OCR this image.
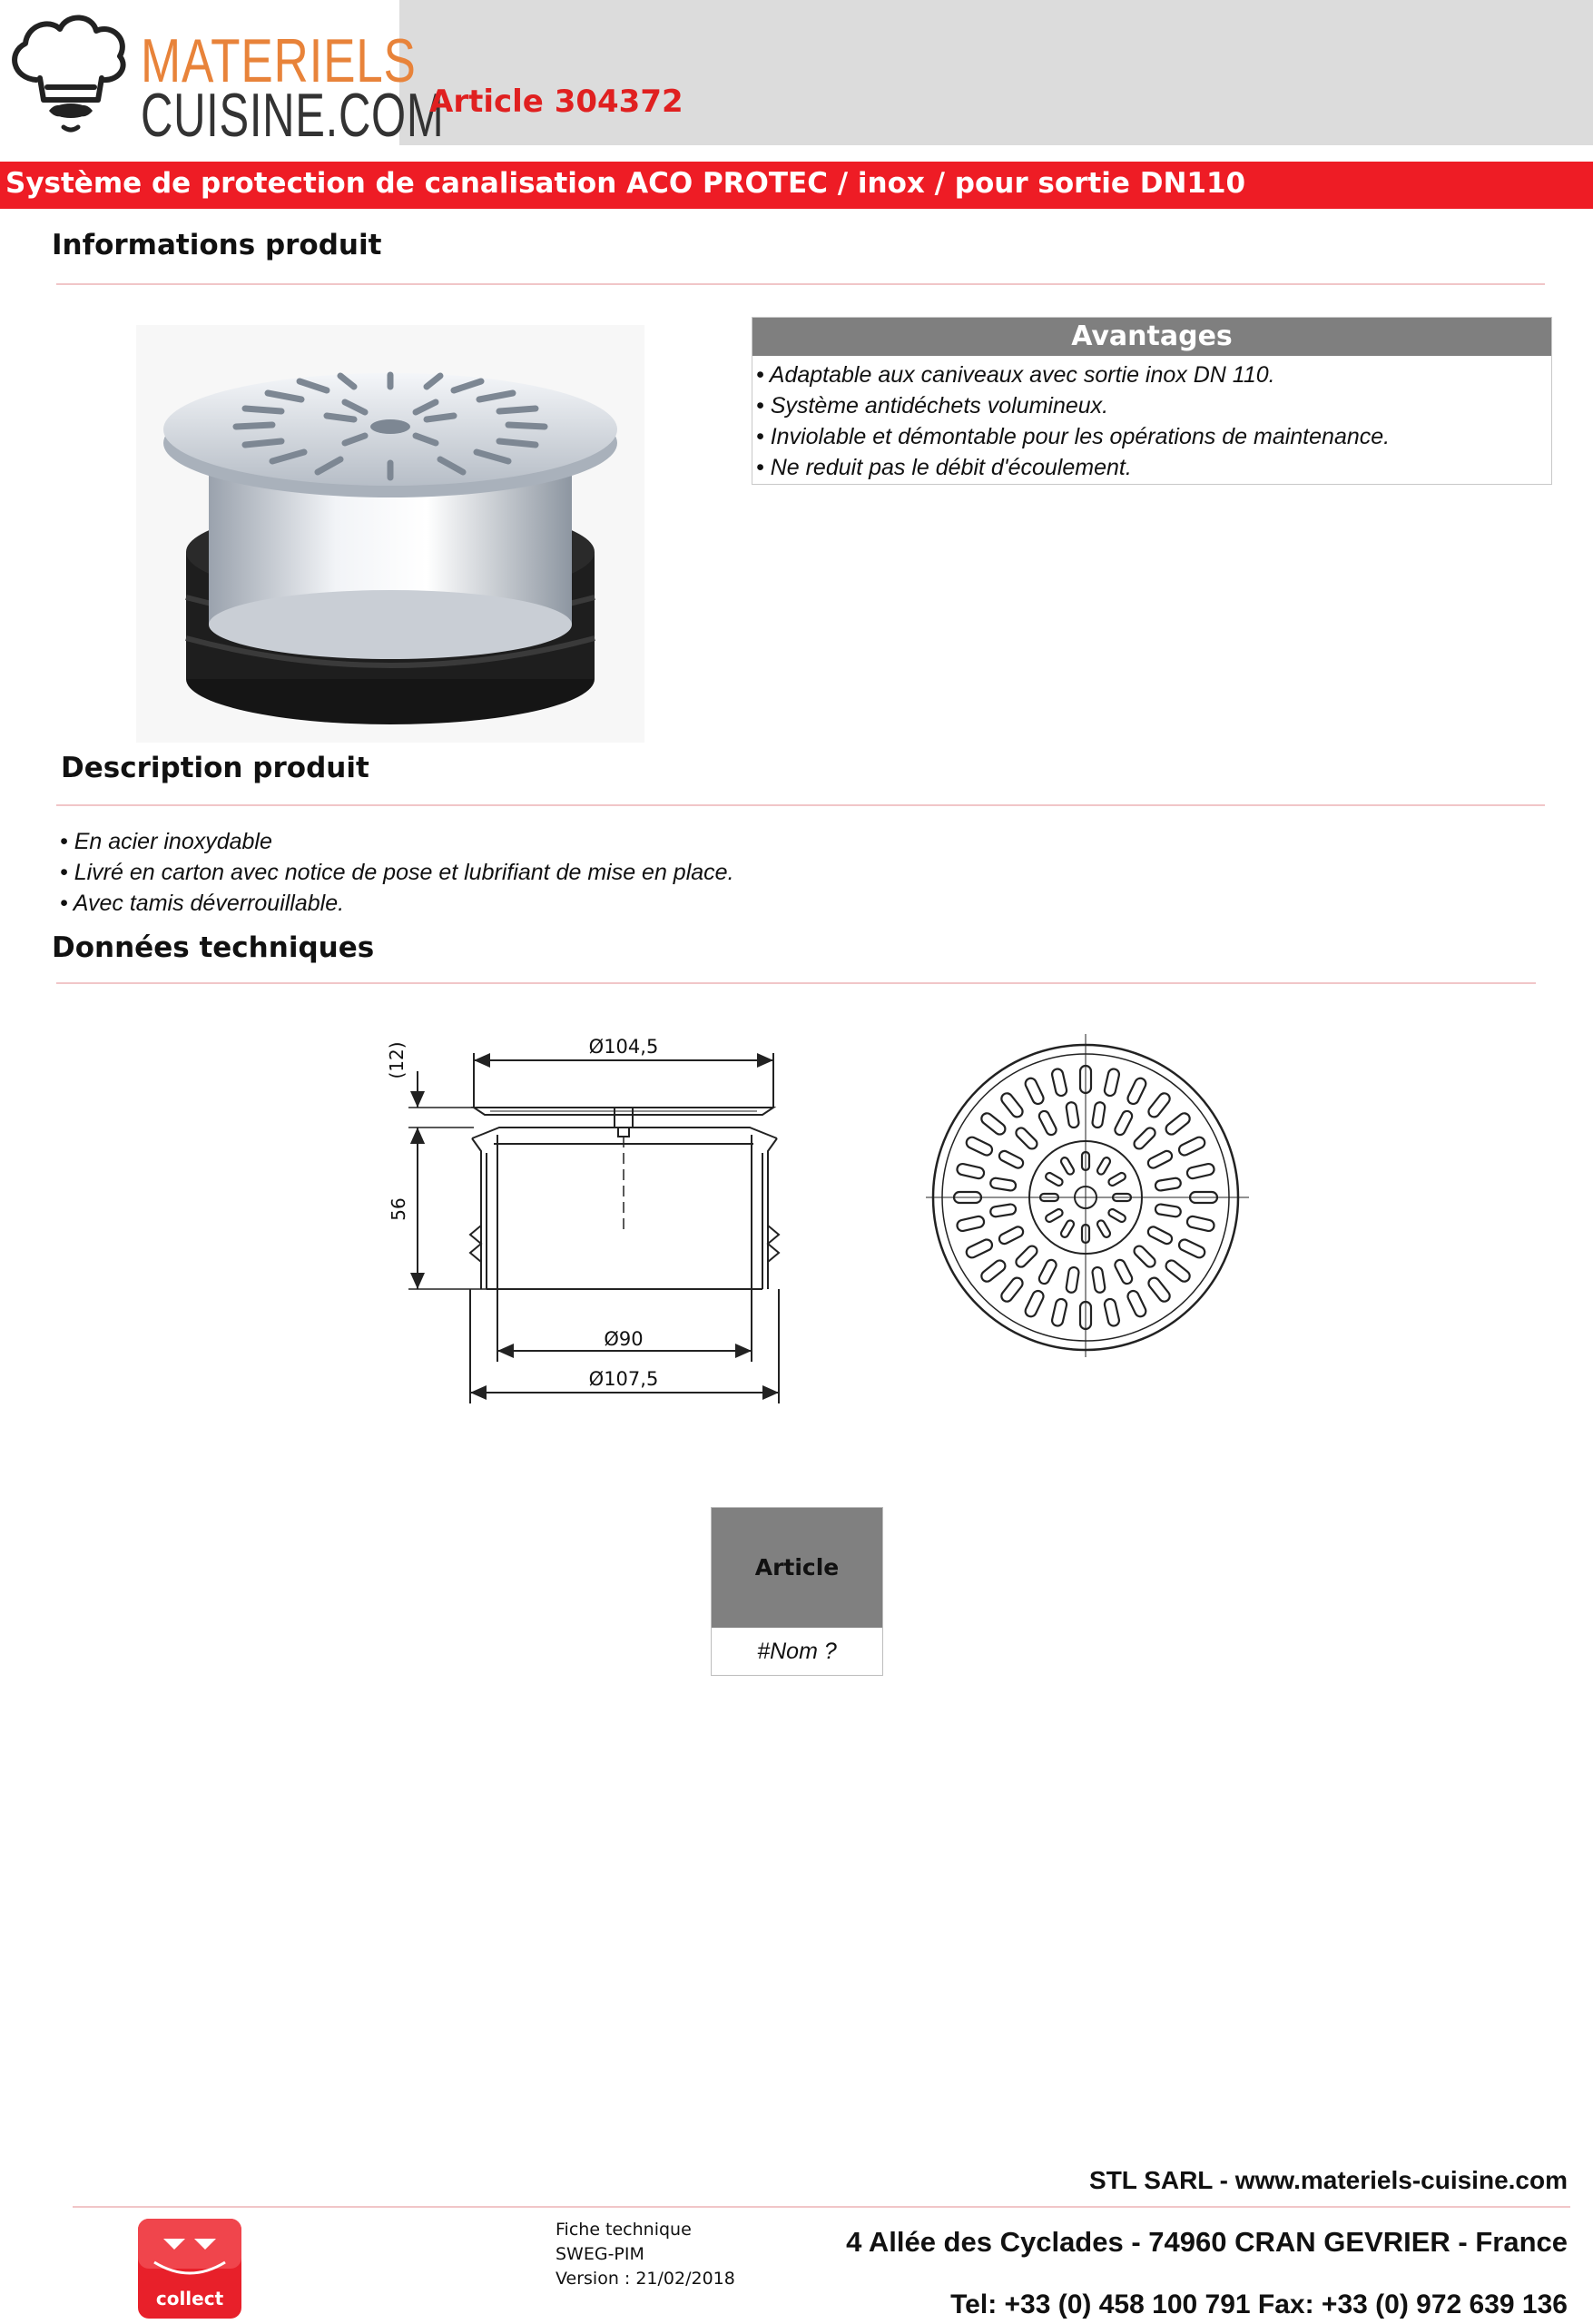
MATERIELS
CUISINE.COM
Article 304372
Système de protection de canalisation ACO PROTEC / inox / pour sortie DN110
Informations produit
Avantages
• Adaptable aux caniveaux avec sortie inox DN 110.
• Système antidéchets volumineux.
• Inviolable et démontable pour les opérations de maintenance.
• Ne reduit pas le débit d'écoulement.
Description produit
• En acier inoxydable
• Livré en carton avec notice de pose et lubrifiant de mise en place.
• Avec tamis déverrouillable.
Données techniques
Ø104,5
(12)
56
Ø90
Ø107,5
Article
#Nom ?
STL SARL - www.materiels-cuisine.com
collect
Fiche technique
SWEG-PIM
Version : 21/02/2018
4 Allée des Cyclades - 74960 CRAN GEVRIER - France
Tel: +33 (0) 458 100 791 Fax: +33 (0) 972 639 136
